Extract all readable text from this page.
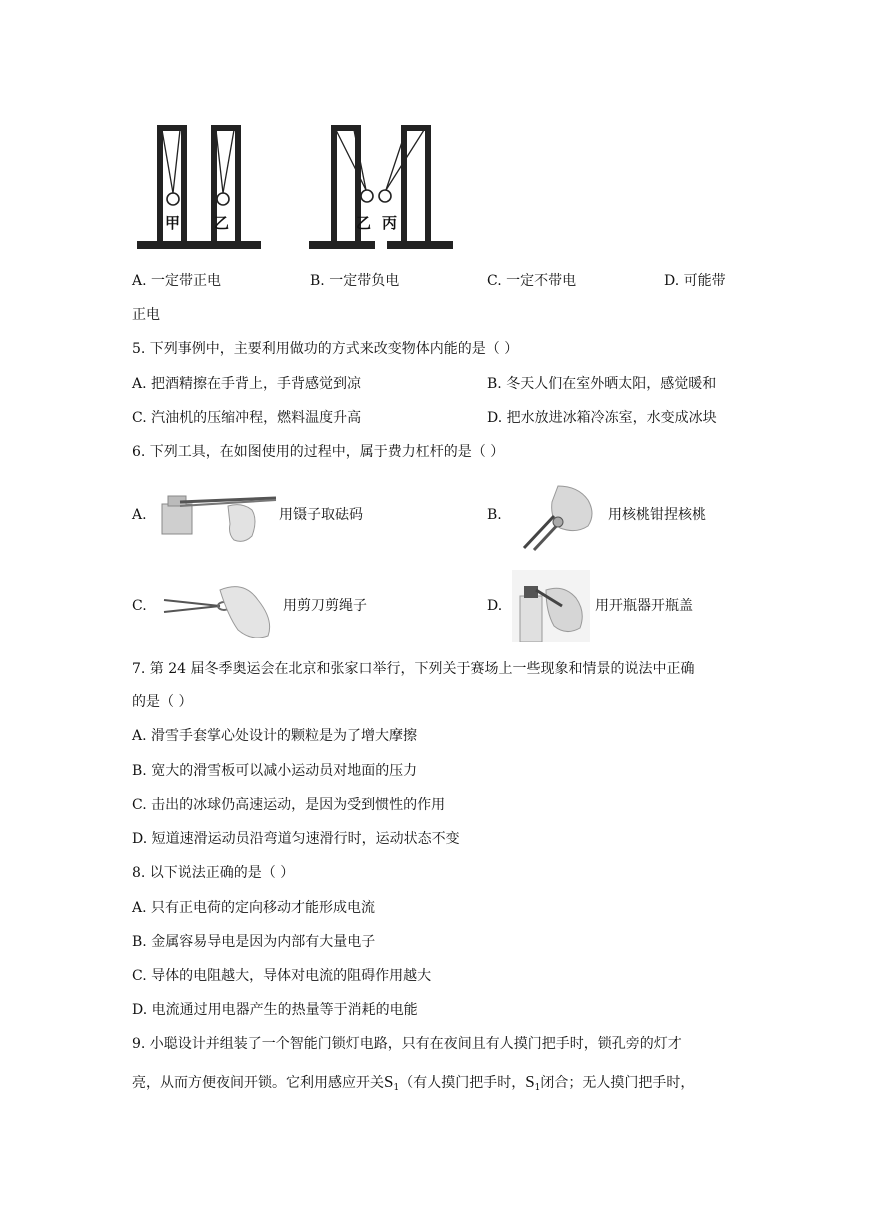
甲 乙	乙 丙
A. 一定带正电	B. 一定带负电	C. 一定不带电	D. 可能带
正电
5. 下列事例中，主要利用做功的方式来改变物体内能的是（ ）
A. 把酒精擦在手背上，手背感觉到凉	B. 冬天人们在室外晒太阳，感觉暖和
C. 汽油机的压缩冲程，燃料温度升高	D. 把水放进冰箱冷冻室，水变成冰块
6. 下列工具，在如图使用的过程中，属于费力杠杆的是（ ）
A.	用镊子取砝码	B.	用核桃钳捏核桃
C.	用剪刀剪绳子	D.	用开瓶器开瓶盖
7. 第 24 届冬季奥运会在北京和张家口举行，下列关于赛场上一些现象和情景的说法中正确
的是（ ）
A. 滑雪手套掌心处设计的颗粒是为了增大摩擦
B. 宽大的滑雪板可以减小运动员对地面的压力
C. 击出的冰球仍高速运动，是因为受到惯性的作用
D. 短道速滑运动员沿弯道匀速滑行时，运动状态不变
8. 以下说法正确的是（ ）
A. 只有正电荷的定向移动才能形成电流
B. 金属容易导电是因为内部有大量电子
C. 导体的电阻越大，导体对电流的阻碍作用越大
D. 电流通过用电器产生的热量等于消耗的电能
9. 小聪设计并组装了一个智能门锁灯电路，只有在夜间且有人摸门把手时，锁孔旁的灯才
亮，从而方便夜间开锁。它利用感应开关$S_1$（有人摸门把手时，$S_1$闭合；无人摸门把手时，
